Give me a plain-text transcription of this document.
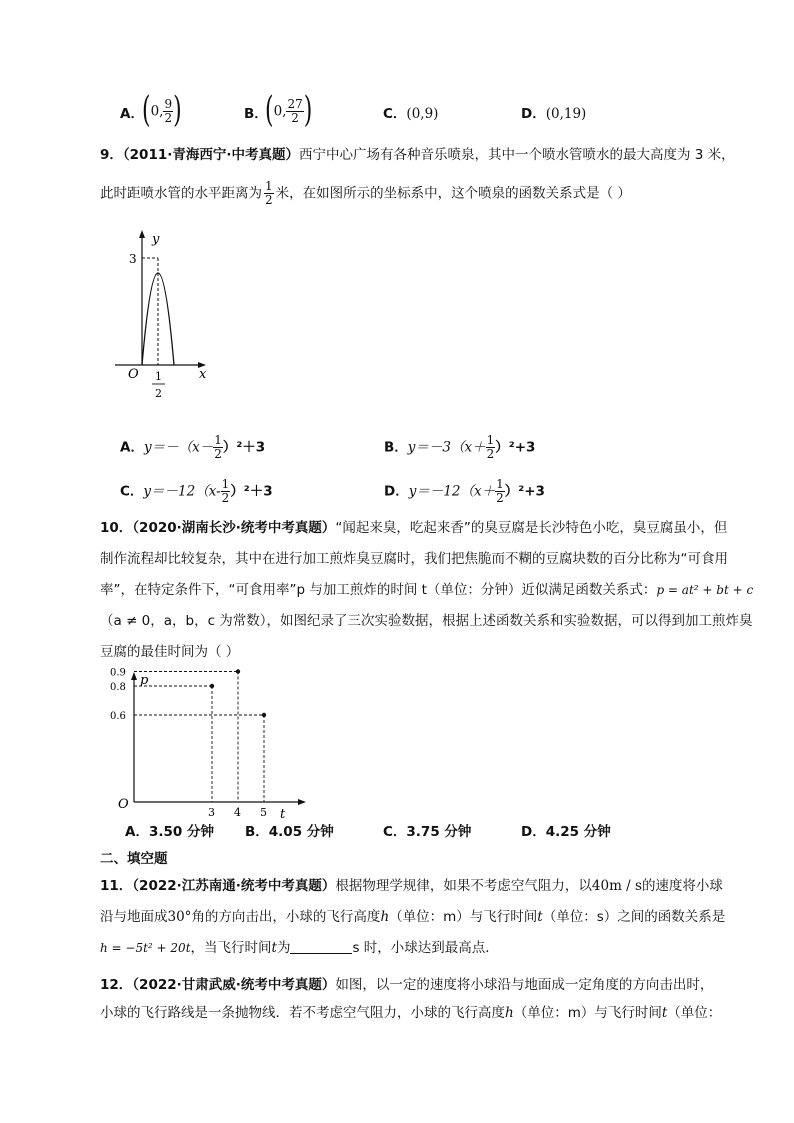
A．
(0, $\frac{9}{2}$ )	B．
(0, $\frac{27}{2}$ )	C．(0,9)	D．(0,19)
9．（2011·青海西宁·中考真题）西宁中心广场有各种音乐喷泉，其中一个喷水管喷水的最大高度为 3 米，
此时距喷水管的水平距离为 $\frac{1}{2}$ 米，在如图所示的坐标系中，这个喷泉的函数关系式是（ ）
y
x
O
3
1
2
A．$y=-(x- \frac{1}{2} )^2+3$	B．$y=-3(x+ \frac{1}{2} )^2+3$
C．$y=-12(x- \frac{1}{2} )^2+3$	D．$y=-12(x+ \frac{1}{2} )^2+3$
10．（2020·湖南长沙·统考中考真题）“闻起来臭，吃起来香”的臭豆腐是长沙特色小吃，臭豆腐虽小，但
制作流程却比较复杂，其中在进行加工煎炸臭豆腐时，我们把焦脆而不糊的豆腐块数的百分比称为“可食用
率”，在特定条件下，“可食用率”p 与加工煎炸的时间 t（单位：分钟）近似满足函数关系式：p = at² + bt + c
（a ≠ 0，a，b，c 为常数），如图纪录了三次实验数据，根据上述函数关系和实验数据，可以得到加工煎炸臭
豆腐的最佳时间为（ ）
p
t
O
3 4 5
0.9
0.8
0.6
A．3.50 分钟 B．4.05 分钟	C．3.75 分钟	D．4.25 分钟
二、填空题
11．（2022·江苏南通·统考中考真题）根据物理学规律，如果不考虑空气阻力，以40m / s的速度将小球
沿与地面成30°角的方向击出，小球的飞行高度h（单位：m）与飞行时间t（单位：s）之间的函数关系是
h = −5t² + 20t，当飞行时间t为	s 时，小球达到最高点．
12．（2022·甘肃武威·统考中考真题）如图，以一定的速度将小球沿与地面成一定角度的方向击出时，
小球的飞行路线是一条抛物线．若不考虑空气阻力，小球的飞行高度h（单位：m）与飞行时间t（单位：
